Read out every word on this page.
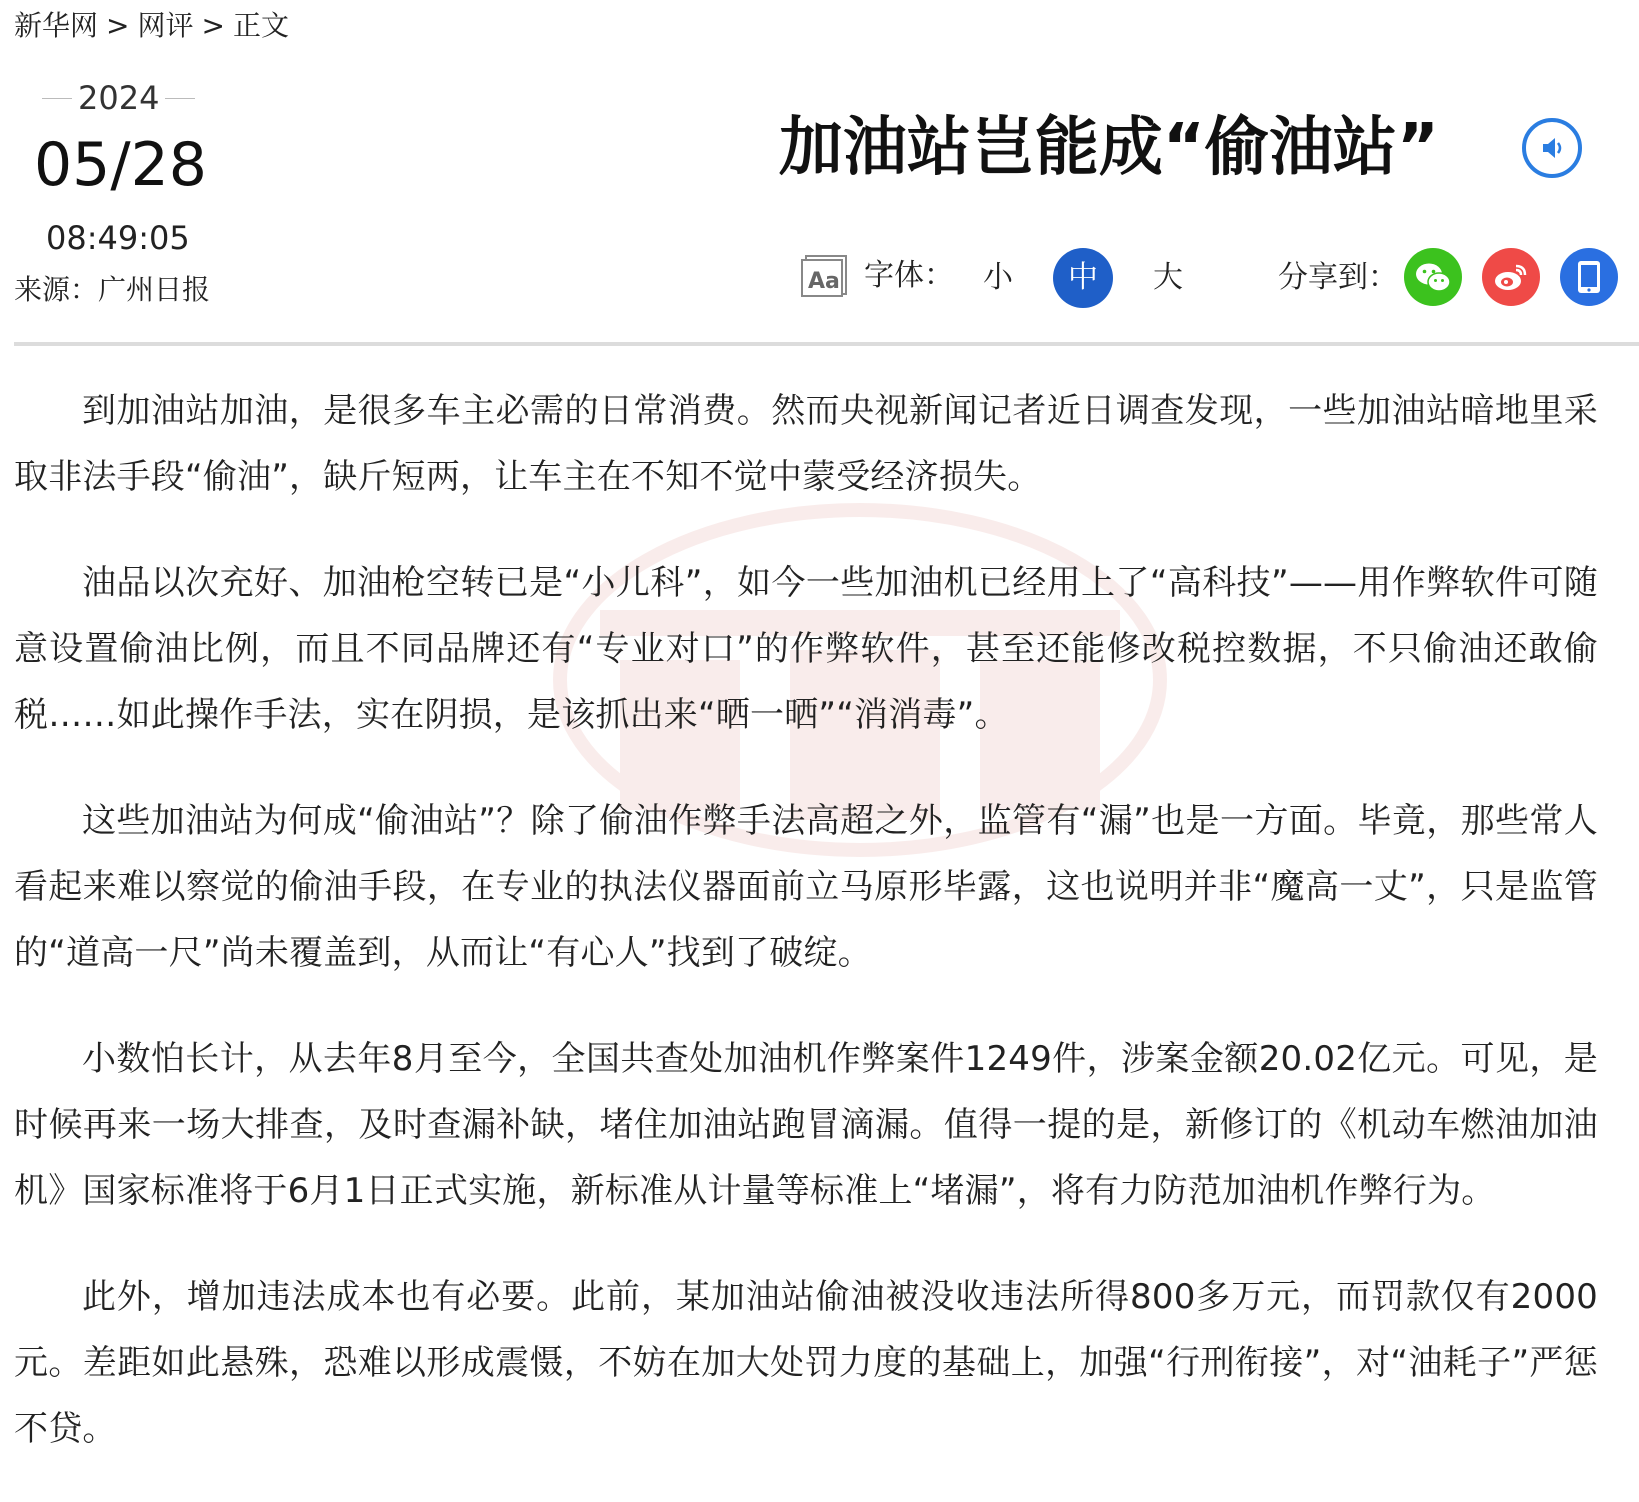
新华网 > 网评 > 正文
2024
05/28
08:49:05
来源：广州日报
加油站岂能成“偷油站”
Aa 字体： 小	中	大	分享到：

到加油站加油，是很多车主必需的日常消费。然而央视新闻记者近日调查发现，一些加油站暗地里采取非法手段“偷油”，缺斤短两，让车主在不知不觉中蒙受经济损失。

油品以次充好、加油枪空转已是“小儿科”，如今一些加油机已经用上了“高科技”——用作弊软件可随意设置偷油比例，而且不同品牌还有“专业对口”的作弊软件，甚至还能修改税控数据，不只偷油还敢偷税……如此操作手法，实在阴损，是该抓出来“晒一晒”“消消毒”。

这些加油站为何成“偷油站”？除了偷油作弊手法高超之外，监管有“漏”也是一方面。毕竟，那些常人看起来难以察觉的偷油手段，在专业的执法仪器面前立马原形毕露，这也说明并非“魔高一丈”，只是监管的“道高一尺”尚未覆盖到，从而让“有心人”找到了破绽。

小数怕长计，从去年8月至今，全国共查处加油机作弊案件1249件，涉案金额20.02亿元。可见，是时候再来一场大排查，及时查漏补缺，堵住加油站跑冒滴漏。值得一提的是，新修订的《机动车燃油加油机》国家标准将于6月1日正式实施，新标准从计量等标准上“堵漏”，将有力防范加油机作弊行为。

此外，增加违法成本也有必要。此前，某加油站偷油被没收违法所得800多万元，而罚款仅有2000元。差距如此悬殊，恐难以形成震慑，不妨在加大处罚力度的基础上，加强“行刑衔接”，对“油耗子”严惩不贷。
